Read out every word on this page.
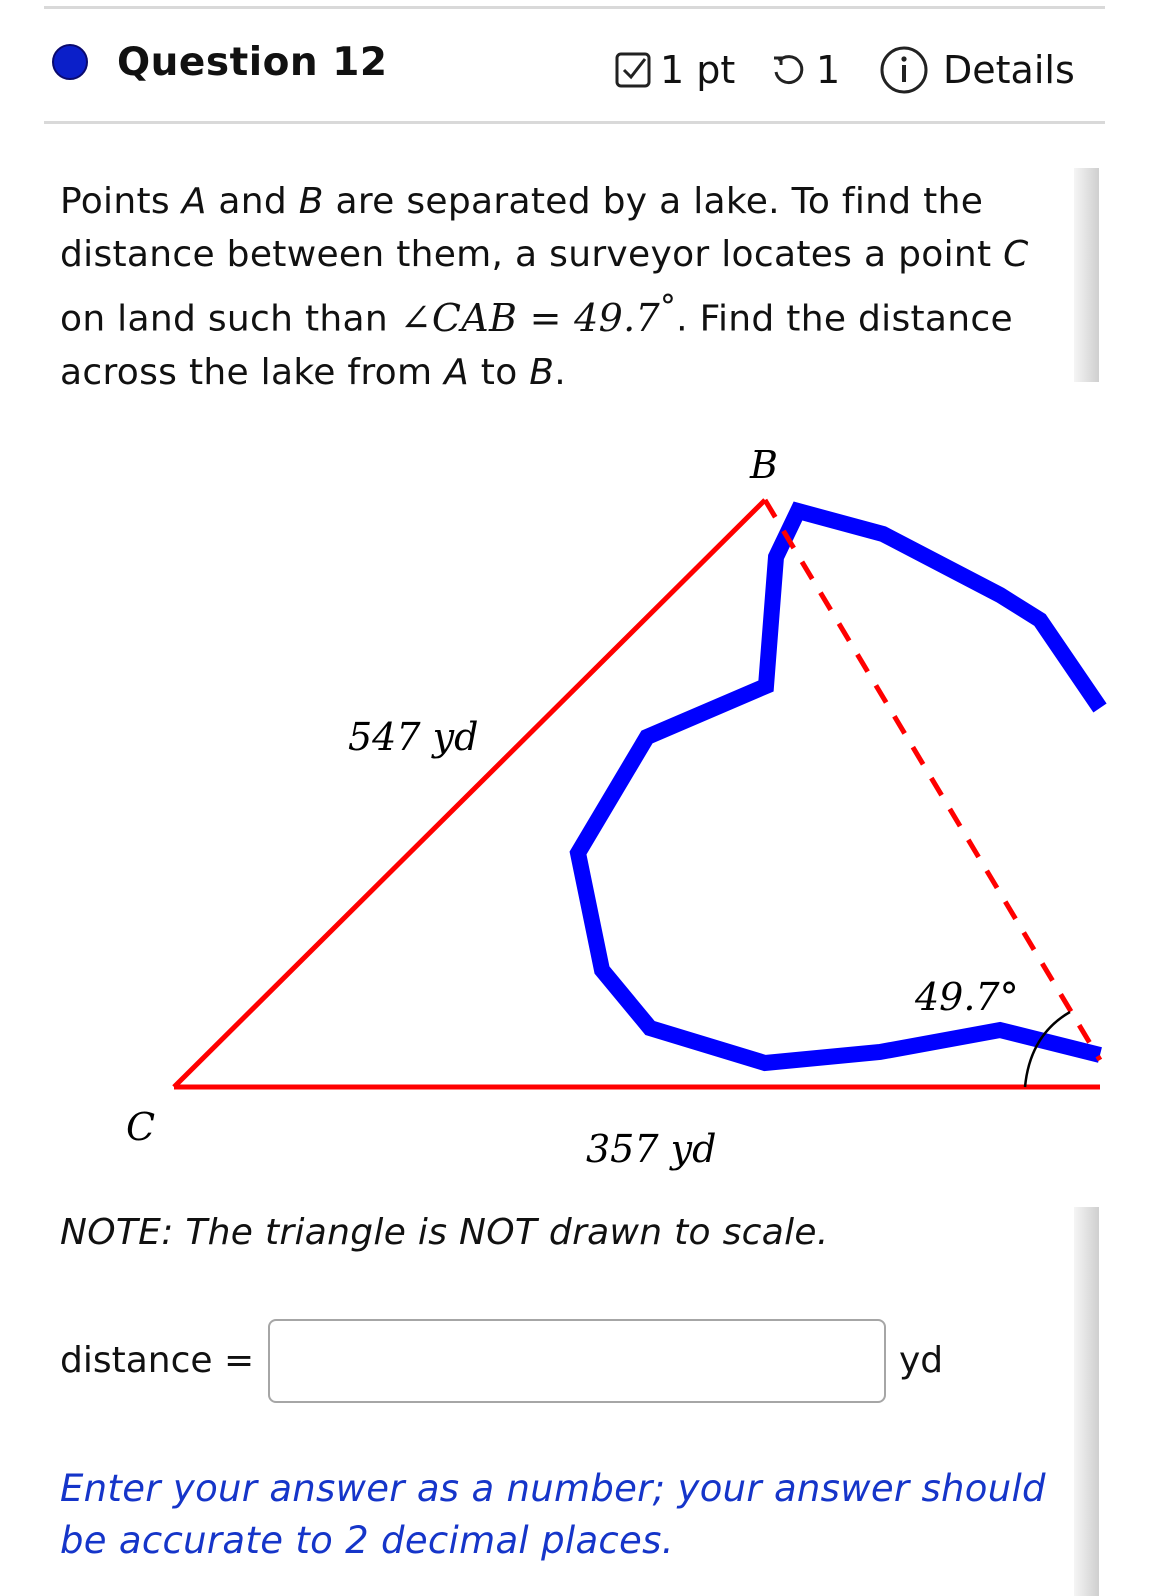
Question 12	1 pt 1	Details
Points A and B are separated by a lake. To find the distance between them, a surveyor locates a point C on land such than ∠CAB = 49.7°. Find the distance across the lake from A to B.
B
C
547 yd
357 yd
49.7°
NOTE: The triangle is NOT drawn to scale.
distance =	yd
Enter your answer as a number; your answer should be accurate to 2 decimal places.
